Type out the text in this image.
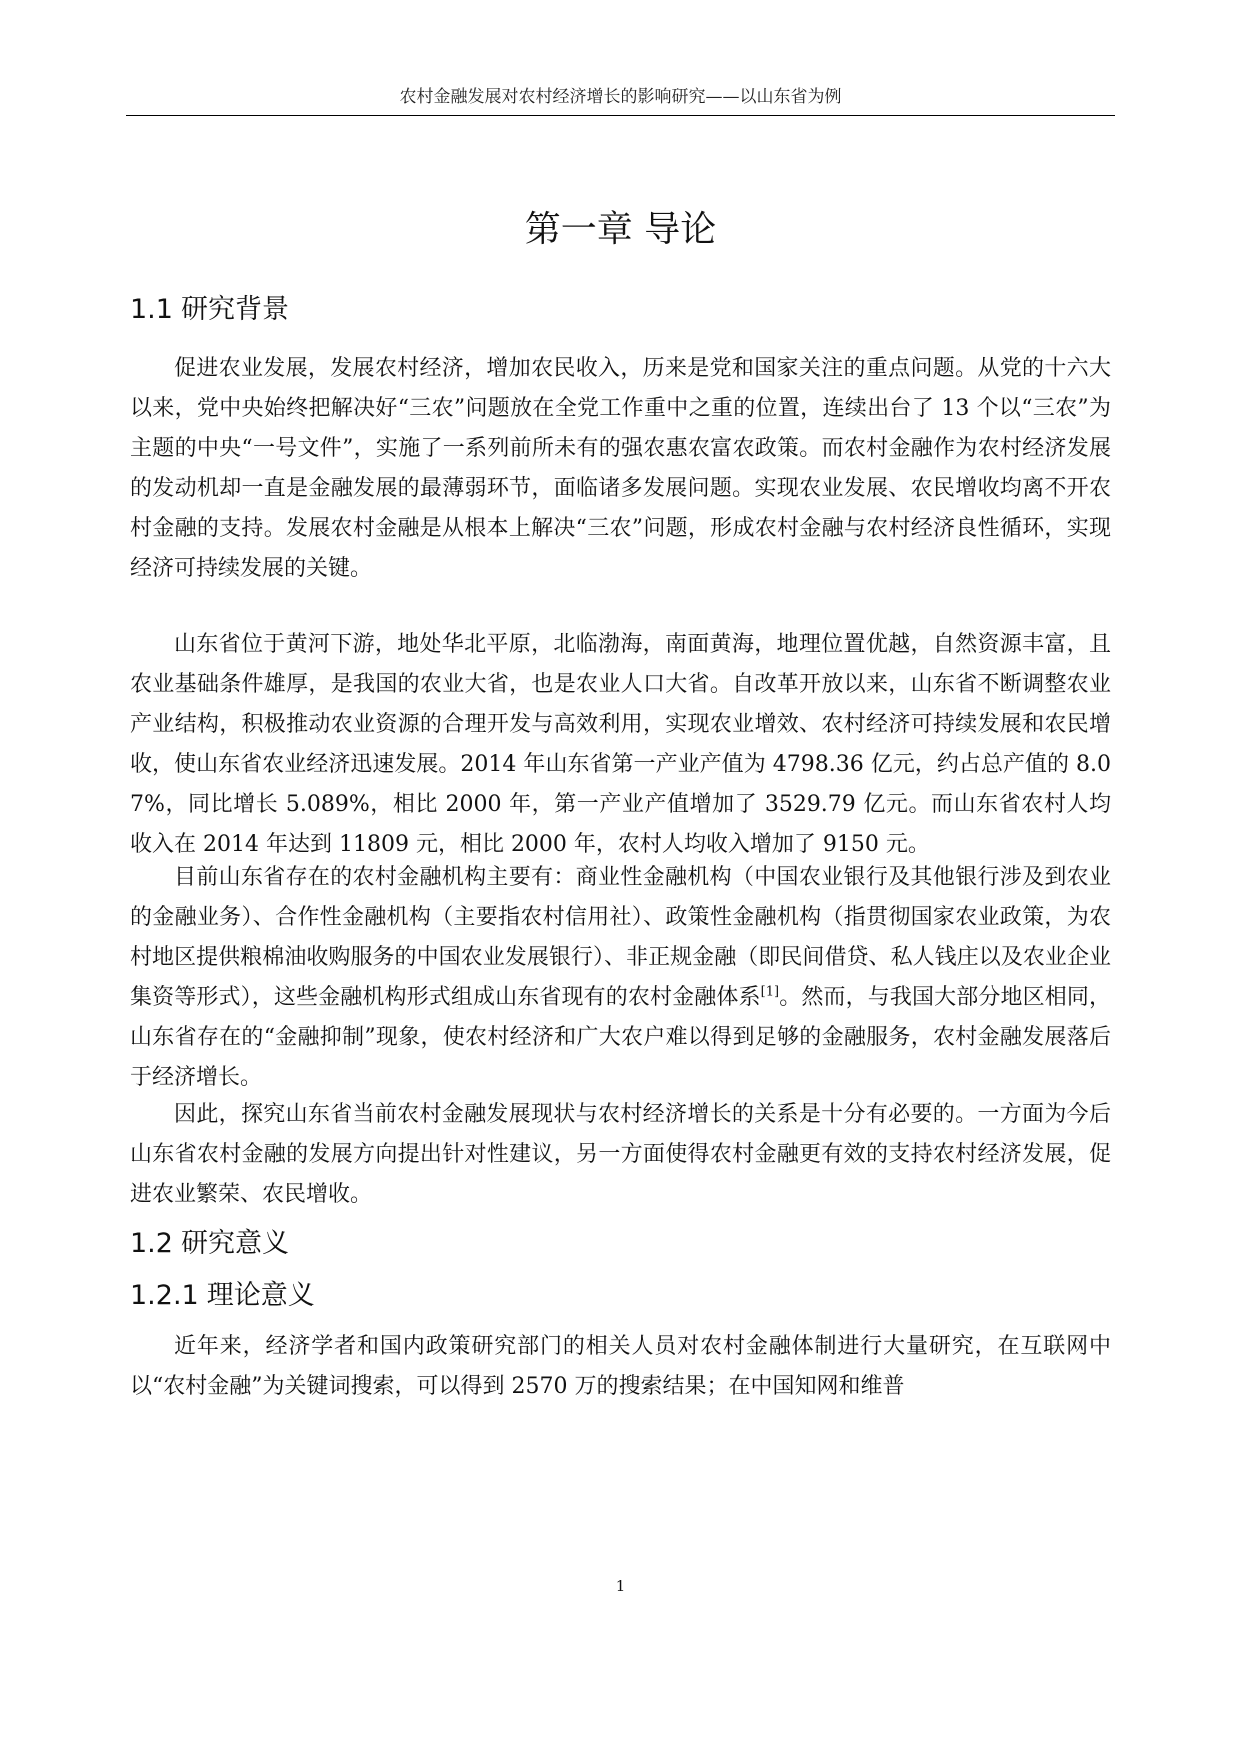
农村金融发展对农村经济增长的影响研究——以山东省为例
第一章 导论
1.1 研究背景

促进农业发展，发展农村经济，增加农民收入，历来是党和国家关注的重点问题。从党的十六大以来，党中央始终把解决好“三农”问题放在全党工作重中之重的位置，连续出台了 13 个以“三农”为主题的中央“一号文件”，实施了一系列前所未有的强农惠农富农政策。而农村金融作为农村经济发展的发动机却一直是金融发展的最薄弱环节，面临诸多发展问题。实现农业发展、农民增收均离不开农村金融的支持。发展农村金融是从根本上解决“三农”问题，形成农村金融与农村经济良性循环，实现经济可持续发展的关键。

山东省位于黄河下游，地处华北平原，北临渤海，南面黄海，地理位置优越，自然资源丰富，且农业基础条件雄厚，是我国的农业大省，也是农业人口大省。自改革开放以来，山东省不断调整农业产业结构，积极推动农业资源的合理开发与高效利用，实现农业增效、农村经济可持续发展和农民增收，使山东省农业经济迅速发展。2014 年山东省第一产业产值为 4798.36 亿元，约占总产值的 8.07%，同比增长 5.089%，相比 2000 年，第一产业产值增加了 3529.79 亿元。而山东省农村人均收入在 2014 年达到 11809 元，相比 2000 年，农村人均收入增加了 9150 元。

目前山东省存在的农村金融机构主要有：商业性金融机构（中国农业银行及其他银行涉及到农业的金融业务）、合作性金融机构（主要指农村信用社）、政策性金融机构（指贯彻国家农业政策，为农村地区提供粮棉油收购服务的中国农业发展银行）、非正规金融（即民间借贷、私人钱庄以及农业企业集资等形式），这些金融机构形式组成山东省现有的农村金融体系[1]。然而，与我国大部分地区相同，山东省存在的“金融抑制”现象，使农村经济和广大农户难以得到足够的金融服务，农村金融发展落后于经济增长。

因此，探究山东省当前农村金融发展现状与农村经济增长的关系是十分有必要的。一方面为今后山东省农村金融的发展方向提出针对性建议，另一方面使得农村金融更有效的支持农村经济发展，促进农业繁荣、农民增收。

1.2 研究意义
1.2.1 理论意义

近年来，经济学者和国内政策研究部门的相关人员对农村金融体制进行大量研究，在互联网中以“农村金融”为关键词搜索，可以得到 2570 万的搜索结果；在中国知网和维普

1
